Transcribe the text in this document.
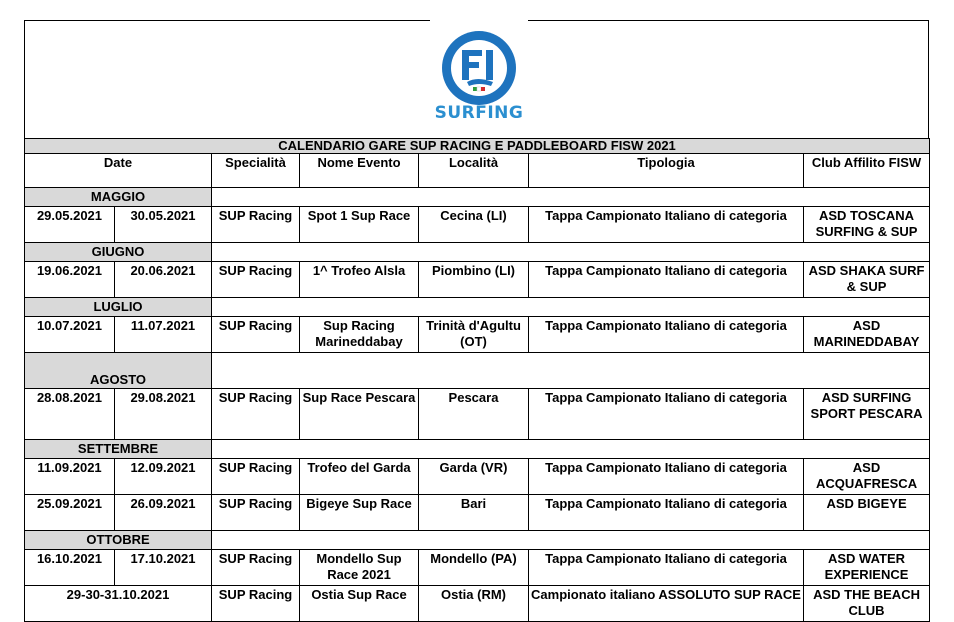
SURFING
CALENDARIO GARE SUP RACING E PADDLEBOARD FISW 2021						
Date		Specialità	Nome Evento	Località	Tipologia	Club Affilito FISW
MAGGIO						
29.05.2021	30.05.2021	SUP Racing	Spot 1 Sup Race	Cecina (LI)	Tappa Campionato Italiano di categoria	ASD TOSCANA SURFING & SUP
GIUGNO						
19.06.2021	20.06.2021	SUP Racing	1^ Trofeo Alsla	Piombino (LI)	Tappa Campionato Italiano di categoria	ASD SHAKA SURF & SUP
LUGLIO						
10.07.2021	11.07.2021	SUP Racing	Sup Racing Marineddabay	Trinità d'Agultu (OT)	Tappa Campionato Italiano di categoria	ASD MARINEDDABAY
AGOSTO						
28.08.2021	29.08.2021	SUP Racing	Sup Race Pescara	Pescara	Tappa Campionato Italiano di categoria	ASD SURFING SPORT PESCARA
SETTEMBRE						
11.09.2021	12.09.2021	SUP Racing	Trofeo del Garda	Garda (VR)	Tappa Campionato Italiano di categoria	ASD ACQUAFRESCA
25.09.2021	26.09.2021	SUP Racing	Bigeye Sup Race	Bari	Tappa Campionato Italiano di categoria	ASD BIGEYE
OTTOBRE						
16.10.2021	17.10.2021	SUP Racing	Mondello Sup Race 2021	Mondello (PA)	Tappa Campionato Italiano di categoria	ASD WATER EXPERIENCE
29-30-31.10.2021		SUP Racing	Ostia Sup Race	Ostia (RM)	Campionato italiano ASSOLUTO SUP RACE	ASD THE BEACH CLUB
